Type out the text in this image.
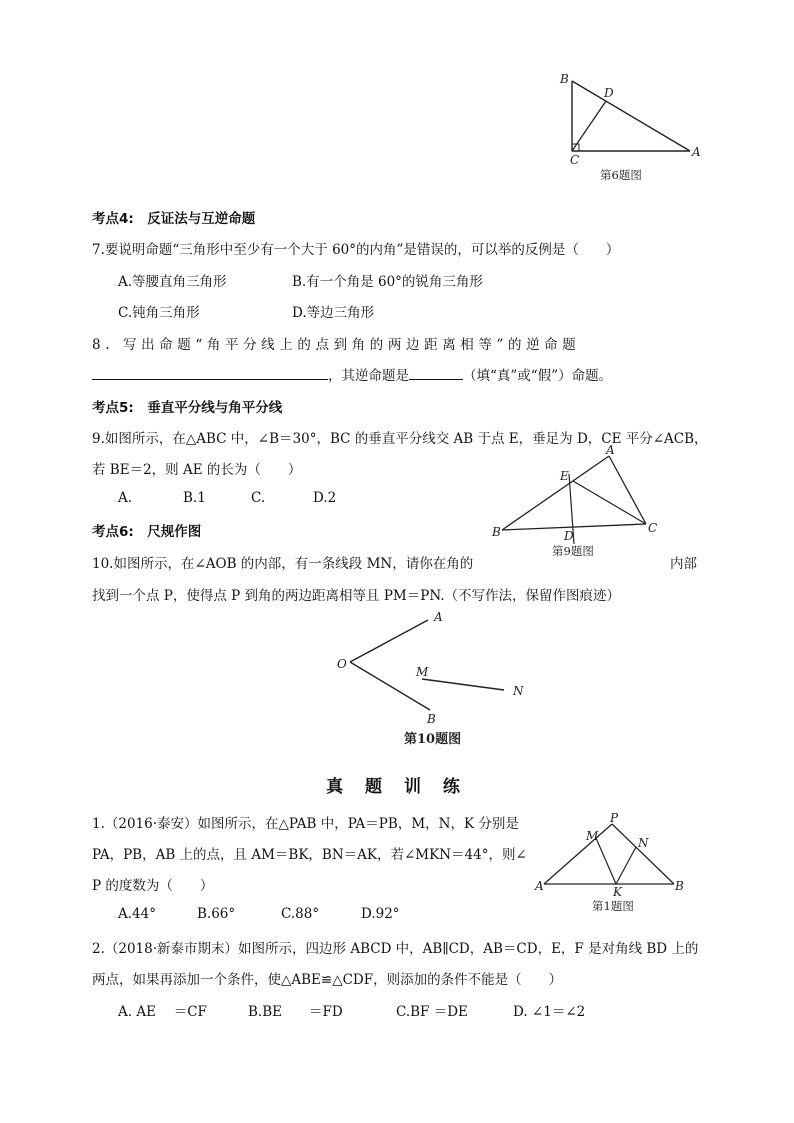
B
D
C
A
第6题图
考点4:　反证法与互逆命题
7.要说明命题“三角形中至少有一个大于 60°的内角”是错误的，可以举的反例是（　　）
A.等腰直角三角形	B.有一个角是 60°的锐角三角形
C.钝角三角形	D.等边三角形
8. 写出命题“角平分线上的点到角的两边距离相等”的逆命题
，其逆命题是	（填“真”或“假”）命题。
考点5:　垂直平分线与角平分线
9.如图所示，在△ABC 中，∠B＝30°，BC 的垂直平分线交 AB 于点 E，垂足为 D，CE 平分∠ACB，
若 BE＝2，则 AE 的长为（　　）
A.	B.1	C.	D.2
A
E
B	D
C
第9题图
考点6:　尺规作图
10.如图所示，在∠AOB 的内部，有一条线段 MN，请你在角的	内部
找到一个点 P，使得点 P 到角的两边距离相等且 PM＝PN.（不写作法，保留作图痕迹）
A
O
M
N
B
第10题图
真 题 训 练
1.（2016·泰安）如图所示，在△PAB 中，PA＝PB，M，N，K 分别是
PA，PB，AB 上的点，且 AM＝BK，BN＝AK，若∠MKN＝44°，则∠
P 的度数为（　　）
A.44°	B.66°	C.88°	D.92°
P
M	N
A	K	B
第1题图
2.（2018·新泰市期末）如图所示，四边形 ABCD 中，AB∥CD，AB＝CD，E，F 是对角线 BD 上的
两点，如果再添加一个条件，使△ABE≌△CDF，则添加的条件不能是（　　）
A. AE　 ＝CF	B.BE　　＝FD	C.BF ＝DE	D. ∠1＝∠2
